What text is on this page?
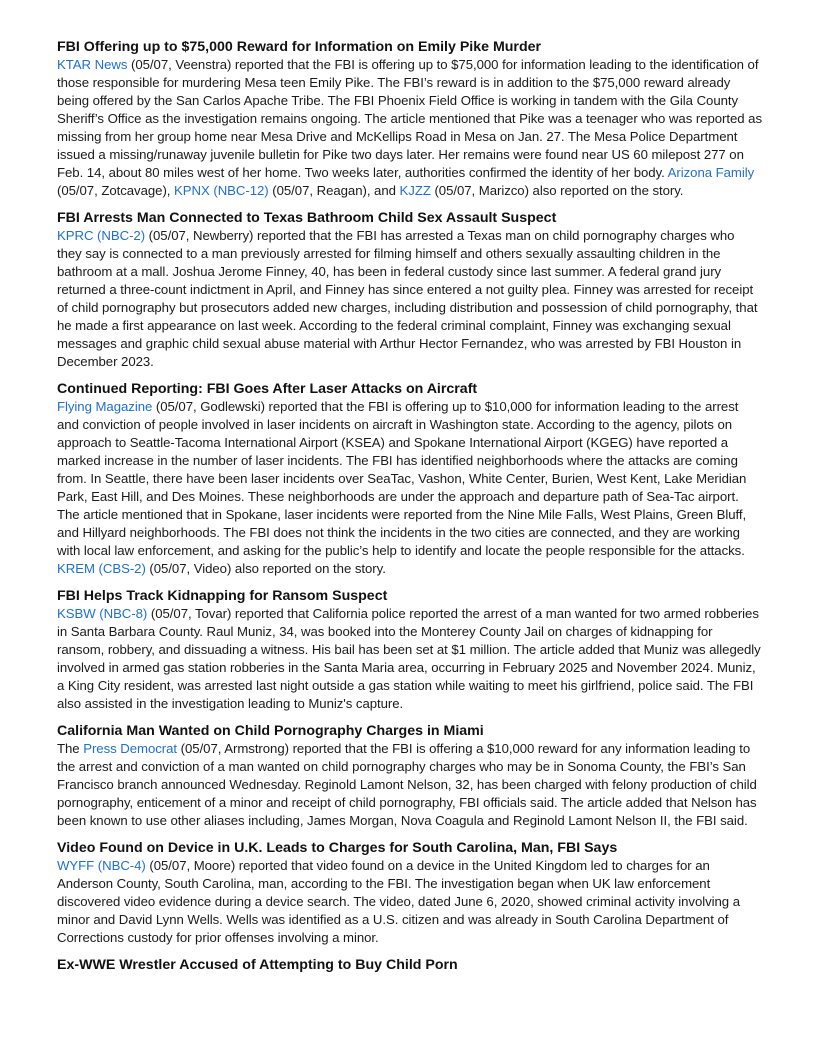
FBI Offering up to $75,000 Reward for Information on Emily Pike Murder

KTAR News (05/07, Veenstra) reported that the FBI is offering up to $75,000 for information leading to the identification of those responsible for murdering Mesa teen Emily Pike. The FBI’s reward is in addition to the $75,000 reward already being offered by the San Carlos Apache Tribe. The FBI Phoenix Field Office is working in tandem with the Gila County Sheriff’s Office as the investigation remains ongoing. The article mentioned that Pike was a teenager who was reported as missing from her group home near Mesa Drive and McKellips Road in Mesa on Jan. 27. The Mesa Police Department issued a missing/runaway juvenile bulletin for Pike two days later. Her remains were found near US 60 milepost 277 on Feb. 14, about 80 miles west of her home. Two weeks later, authorities confirmed the identity of her body. Arizona Family (05/07, Zotcavage), KPNX (NBC-12) (05/07, Reagan), and KJZZ (05/07, Marizco) also reported on the story.

FBI Arrests Man Connected to Texas Bathroom Child Sex Assault Suspect

KPRC (NBC-2) (05/07, Newberry) reported that the FBI has arrested a Texas man on child pornography charges who they say is connected to a man previously arrested for filming himself and others sexually assaulting children in the bathroom at a mall. Joshua Jerome Finney, 40, has been in federal custody since last summer. A federal grand jury returned a three-count indictment in April, and Finney has since entered a not guilty plea. Finney was arrested for receipt of child pornography but prosecutors added new charges, including distribution and possession of child pornography, that he made a first appearance on last week. According to the federal criminal complaint, Finney was exchanging sexual messages and graphic child sexual abuse material with Arthur Hector Fernandez, who was arrested by FBI Houston in December 2023.

Continued Reporting: FBI Goes After Laser Attacks on Aircraft

Flying Magazine (05/07, Godlewski) reported that the FBI is offering up to $10,000 for information leading to the arrest and conviction of people involved in laser incidents on aircraft in Washington state. According to the agency, pilots on approach to Seattle-Tacoma International Airport (KSEA) and Spokane International Airport (KGEG) have reported a marked increase in the number of laser incidents. The FBI has identified neighborhoods where the attacks are coming from. In Seattle, there have been laser incidents over SeaTac, Vashon, White Center, Burien, West Kent, Lake Meridian Park, East Hill, and Des Moines. These neighborhoods are under the approach and departure path of Sea-Tac airport. The article mentioned that in Spokane, laser incidents were reported from the Nine Mile Falls, West Plains, Green Bluff, and Hillyard neighborhoods. The FBI does not think the incidents in the two cities are connected, and they are working with local law enforcement, and asking for the public’s help to identify and locate the people responsible for the attacks. KREM (CBS-2) (05/07, Video) also reported on the story.

FBI Helps Track Kidnapping for Ransom Suspect

KSBW (NBC-8) (05/07, Tovar) reported that California police reported the arrest of a man wanted for two armed robberies in Santa Barbara County. Raul Muniz, 34, was booked into the Monterey County Jail on charges of kidnapping for ransom, robbery, and dissuading a witness. His bail has been set at $1 million. The article added that Muniz was allegedly involved in armed gas station robberies in the Santa Maria area, occurring in February 2025 and November 2024. Muniz, a King City resident, was arrested last night outside a gas station while waiting to meet his girlfriend, police said. The FBI also assisted in the investigation leading to Muniz's capture.

California Man Wanted on Child Pornography Charges in Miami

The Press Democrat (05/07, Armstrong) reported that the FBI is offering a $10,000 reward for any information leading to the arrest and conviction of a man wanted on child pornography charges who may be in Sonoma County, the FBI’s San Francisco branch announced Wednesday. Reginold Lamont Nelson, 32, has been charged with felony production of child pornography, enticement of a minor and receipt of child pornography, FBI officials said. The article added that Nelson has been known to use other aliases including, James Morgan, Nova Coagula and Reginold Lamont Nelson II, the FBI said.

Video Found on Device in U.K. Leads to Charges for South Carolina, Man, FBI Says

WYFF (NBC-4) (05/07, Moore) reported that video found on a device in the United Kingdom led to charges for an Anderson County, South Carolina, man, according to the FBI. The investigation began when UK law enforcement discovered video evidence during a device search. The video, dated June 6, 2020, showed criminal activity involving a minor and David Lynn Wells. Wells was identified as a U.S. citizen and was already in South Carolina Department of Corrections custody for prior offenses involving a minor.

Ex-WWE Wrestler Accused of Attempting to Buy Child Porn
